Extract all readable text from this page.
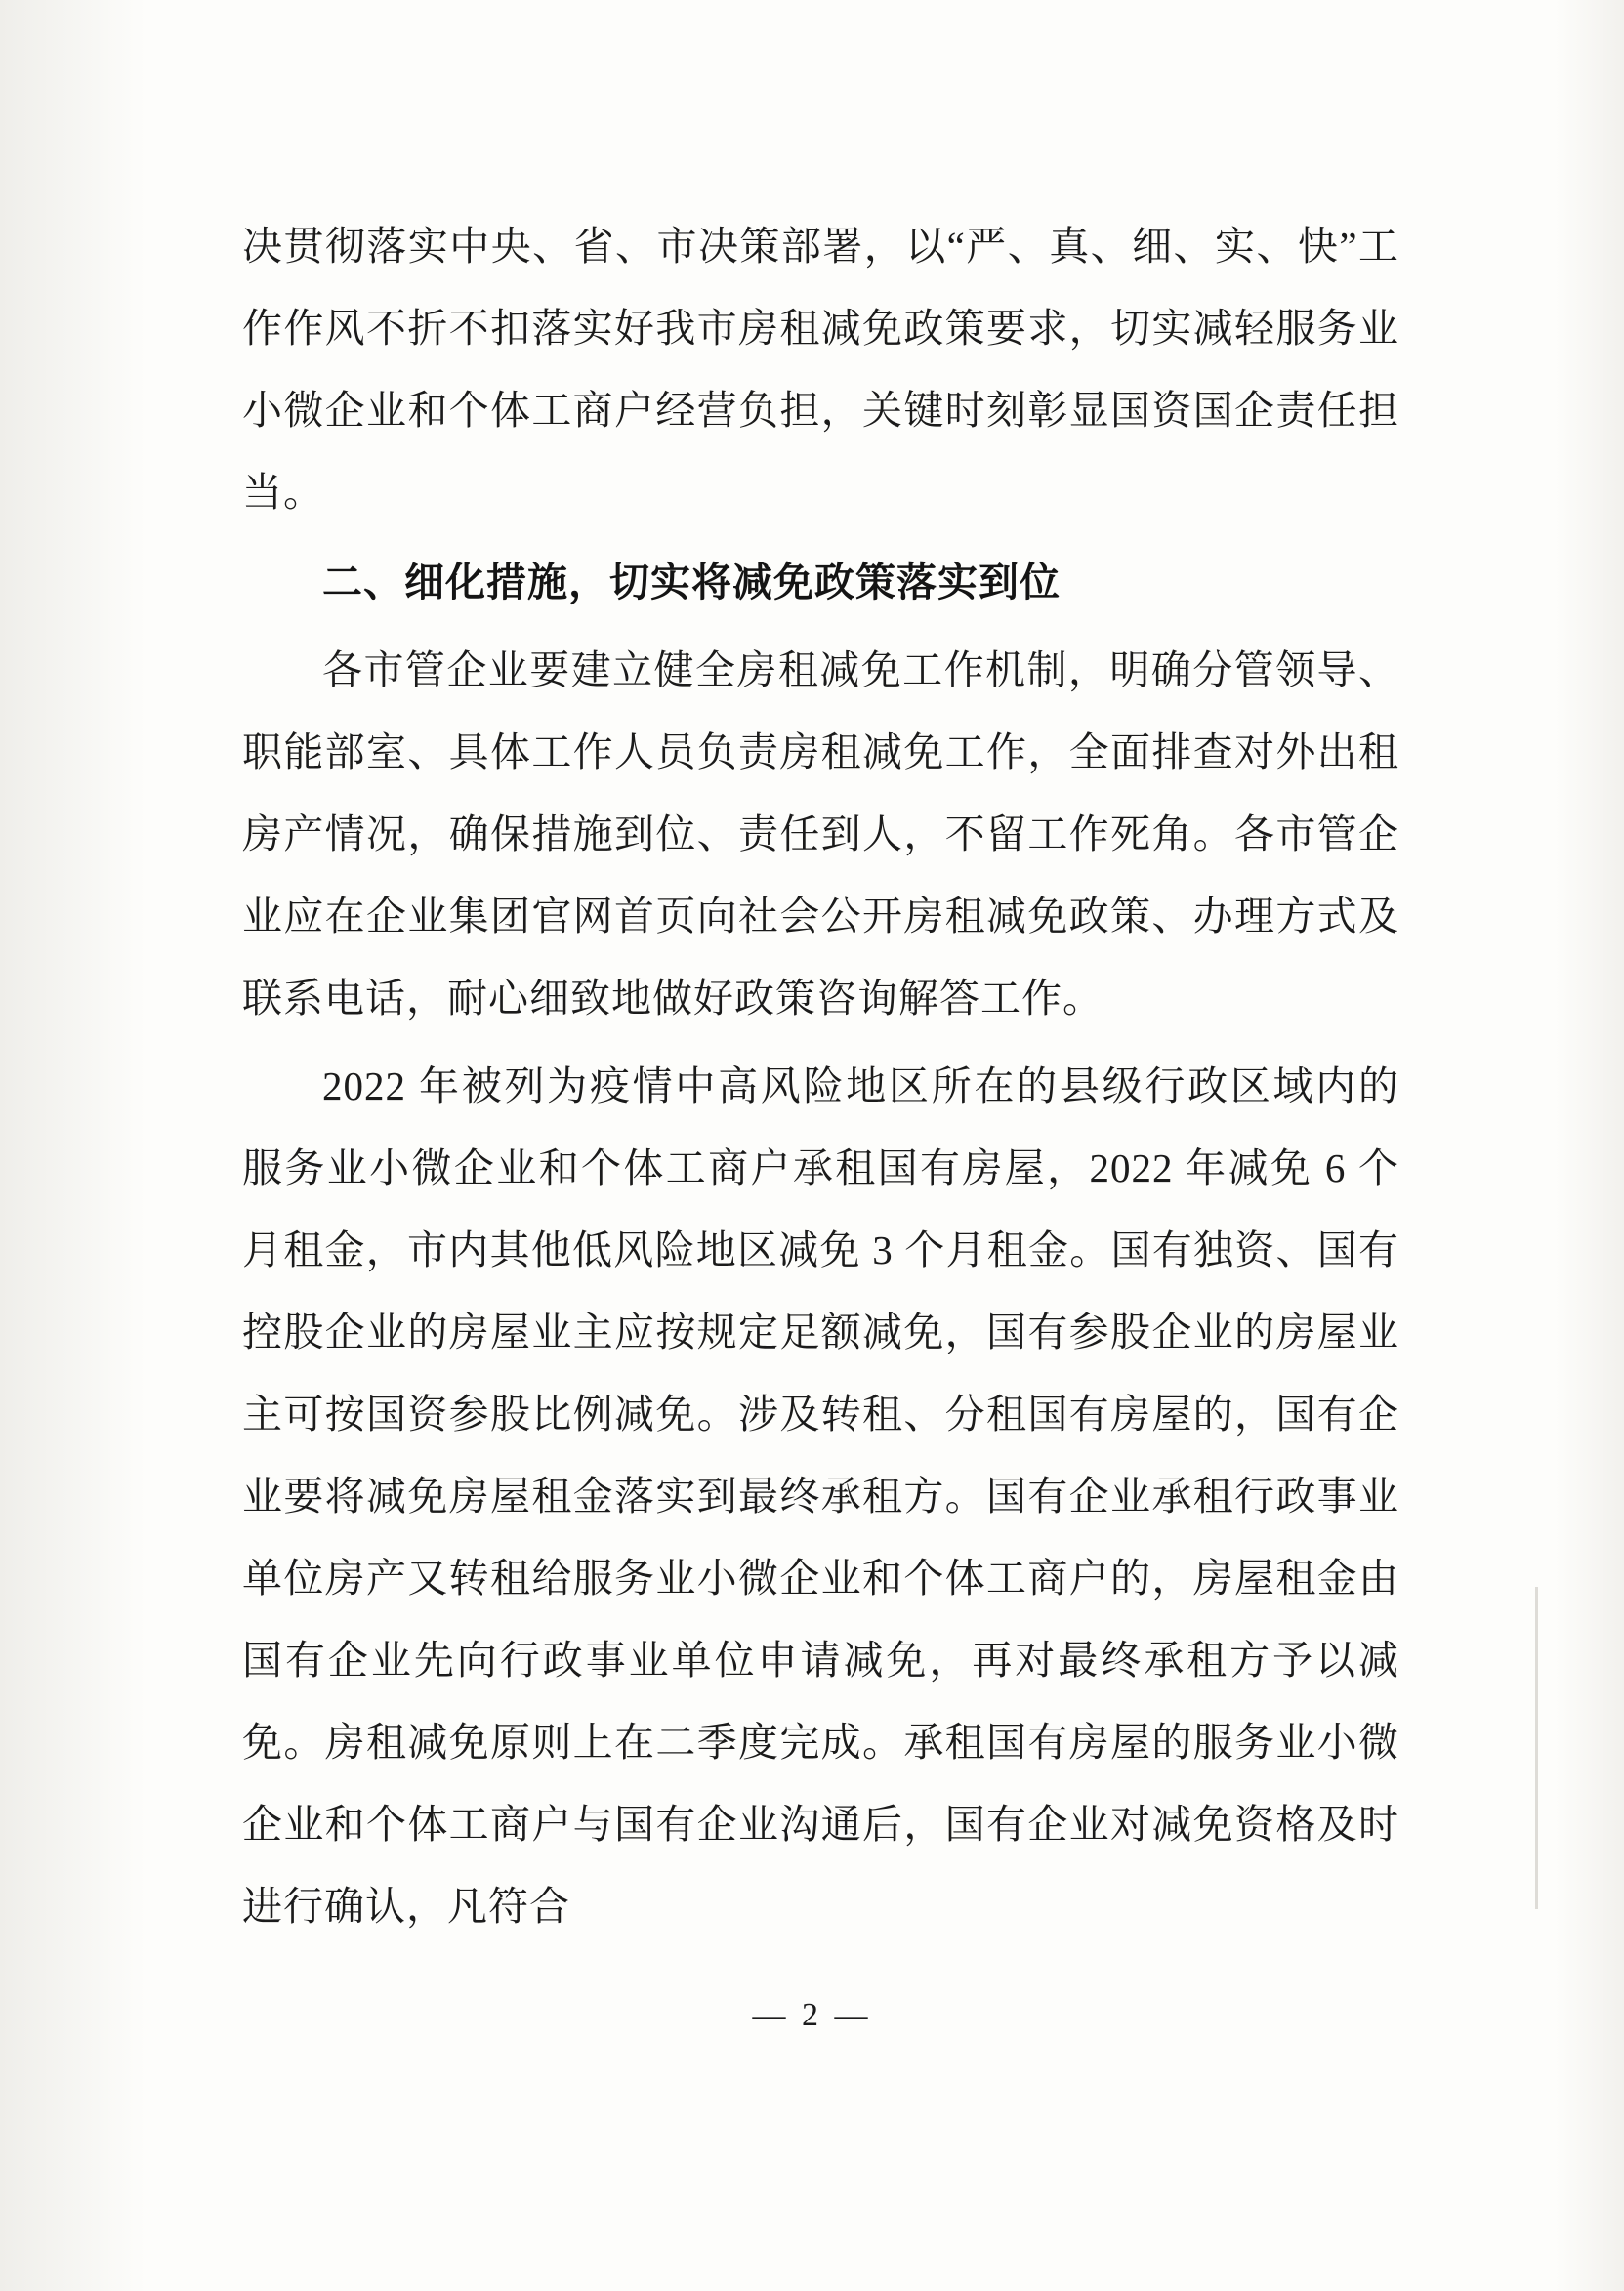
决贯彻落实中央、省、市决策部署，以“严、真、细、实、快”工作作风不折不扣落实好我市房租减免政策要求，切实减轻服务业小微企业和个体工商户经营负担，关键时刻彰显国资国企责任担当。

二、细化措施，切实将减免政策落实到位

各市管企业要建立健全房租减免工作机制，明确分管领导、职能部室、具体工作人员负责房租减免工作，全面排查对外出租房产情况，确保措施到位、责任到人，不留工作死角。各市管企业应在企业集团官网首页向社会公开房租减免政策、办理方式及联系电话，耐心细致地做好政策咨询解答工作。

2022 年被列为疫情中高风险地区所在的县级行政区域内的服务业小微企业和个体工商户承租国有房屋，2022 年减免 6 个月租金，市内其他低风险地区减免 3 个月租金。国有独资、国有控股企业的房屋业主应按规定足额减免，国有参股企业的房屋业主可按国资参股比例减免。涉及转租、分租国有房屋的，国有企业要将减免房屋租金落实到最终承租方。国有企业承租行政事业单位房产又转租给服务业小微企业和个体工商户的，房屋租金由国有企业先向行政事业单位申请减免，再对最终承租方予以减免。房租减免原则上在二季度完成。承租国有房屋的服务业小微企业和个体工商户与国有企业沟通后，国有企业对减免资格及时进行确认，凡符合

— 2 —
